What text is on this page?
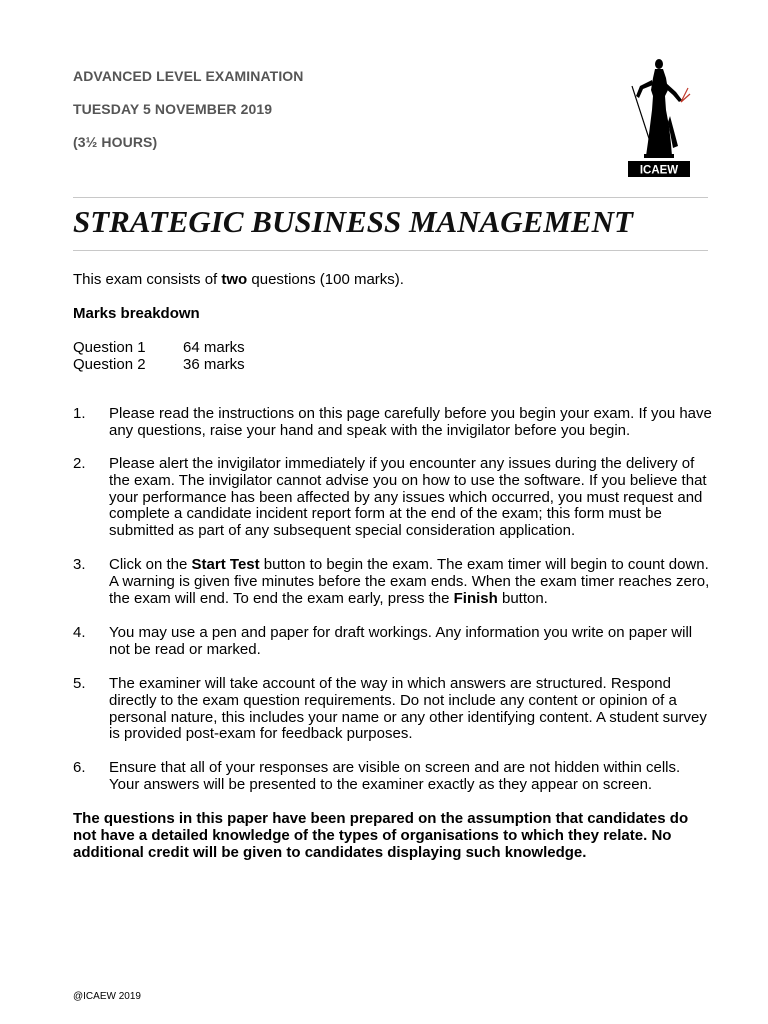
ADVANCED LEVEL EXAMINATION
TUESDAY 5 NOVEMBER 2019
(3½ HOURS)
ICAEW
STRATEGIC BUSINESS MANAGEMENT
This exam consists of two questions (100 marks).
Marks breakdown
Question 1 64 marks
Question 2 36 marks
1. Please read the instructions on this page carefully before you begin your exam. If you have any questions, raise your hand and speak with the invigilator before you begin.
2. Please alert the invigilator immediately if you encounter any issues during the delivery of the exam. The invigilator cannot advise you on how to use the software. If you believe that your performance has been affected by any issues which occurred, you must request and complete a candidate incident report form at the end of the exam; this form must be submitted as part of any subsequent special consideration application.
3. Click on the Start Test button to begin the exam. The exam timer will begin to count down. A warning is given five minutes before the exam ends. When the exam timer reaches zero, the exam will end. To end the exam early, press the Finish button.
4. You may use a pen and paper for draft workings. Any information you write on paper will not be read or marked.
5. The examiner will take account of the way in which answers are structured. Respond directly to the exam question requirements. Do not include any content or opinion of a personal nature, this includes your name or any other identifying content. A student survey is provided post-exam for feedback purposes.
6. Ensure that all of your responses are visible on screen and are not hidden within cells. Your answers will be presented to the examiner exactly as they appear on screen.
The questions in this paper have been prepared on the assumption that candidates do not have a detailed knowledge of the types of organisations to which they relate. No additional credit will be given to candidates displaying such knowledge.
@ICAEW 2019
